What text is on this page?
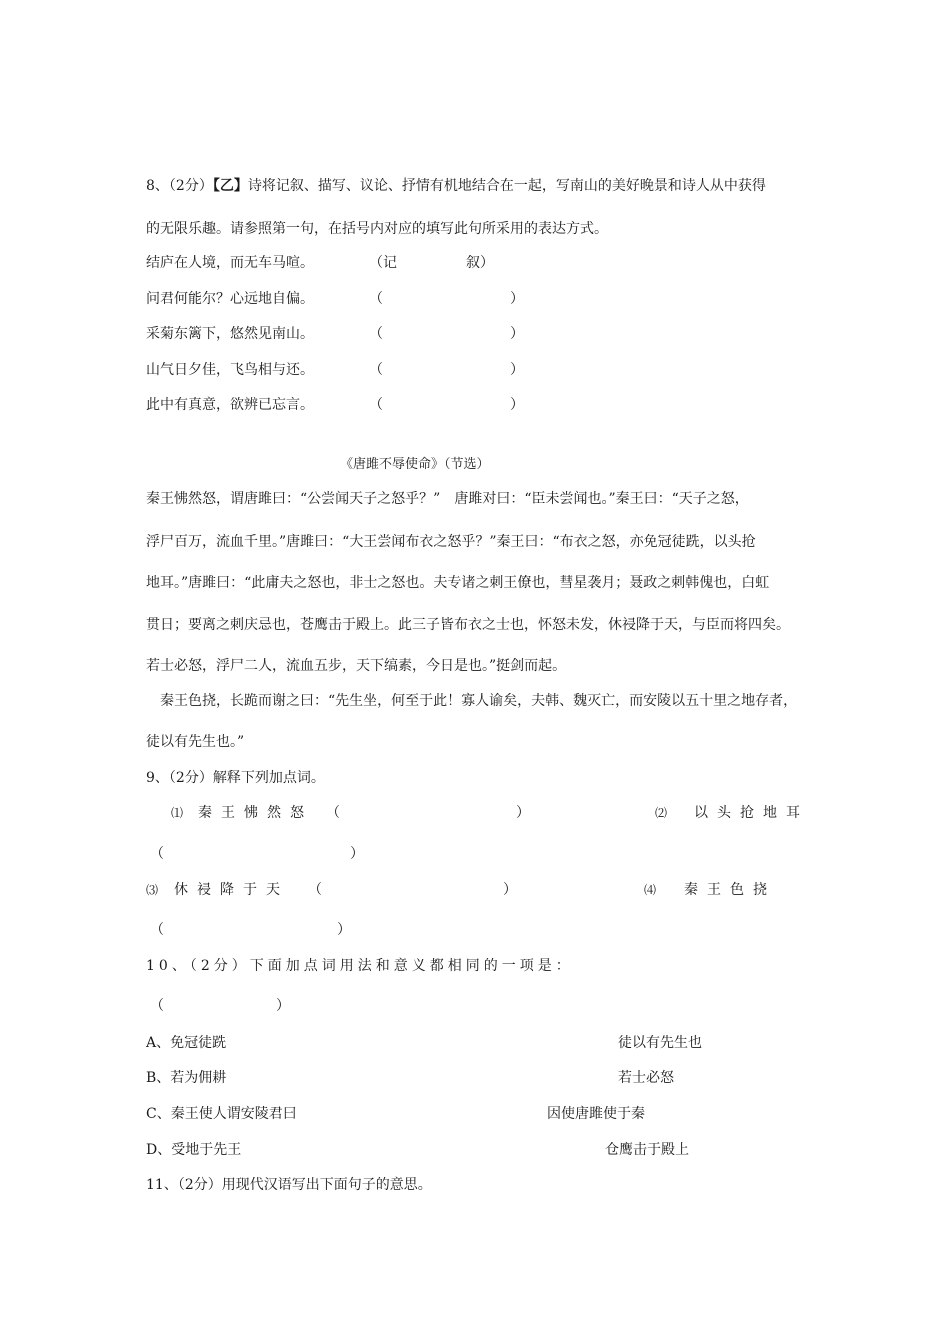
8、（2分）【乙】诗将记叙、描写、议论、抒情有机地结合在一起，写南山的美好晚景和诗人从中获得
的无限乐趣。请参照第一句，在括号内对应的填写此句所采用的表达方式。
结庐在人境，而无车马喧。	（记	叙）
问君何能尔？心远地自偏。	（	）
采菊东篱下，悠然见南山。	（	）
山气日夕佳，飞鸟相与还。	（	）
此中有真意，欲辨已忘言。	（	）
《唐雎不辱使命》（节选）
秦王怫然怒，谓唐雎曰：“公尝闻天子之怒乎？”　唐雎对曰：“臣未尝闻也。”秦王曰：“天子之怒，
浮尸百万，流血千里。”唐雎曰：“大王尝闻布衣之怒乎？”秦王曰：“布衣之怒，亦免冠徒跣，以头抢
地耳。”唐雎曰：“此庸夫之怒也，非士之怒也。夫专诸之刺王僚也，彗星袭月；聂政之刺韩傀也，白虹
贯日；要离之刺庆忌也，苍鹰击于殿上。此三子皆布衣之士也，怀怒未发，休祲降于天，与臣而将四矣。
若士必怒，浮尸二人，流血五步，天下缟素，今日是也。”挺剑而起。
秦王色挠，长跪而谢之曰：“先生坐，何至于此！寡人谕矣，夫韩、魏灭亡，而安陵以五十里之地存者，
徒以有先生也。”
9、（2分）解释下列加点词。
⑴ 秦王怫然怒 （	）	⑵ 以头抢地耳
（	）
⑶ 休祲降于天 （	）	⑷ 秦王色挠
（	）
10、（2分）下面加点词用法和意义都相同的一项是：
（	）
A、免冠徒跣	徒以有先生也
B、若为佣耕	若士必怒
C、秦王使人谓安陵君曰	因使唐雎使于秦
D、受地于先王	仓鹰击于殿上
11、（2分）用现代汉语写出下面句子的意思。
